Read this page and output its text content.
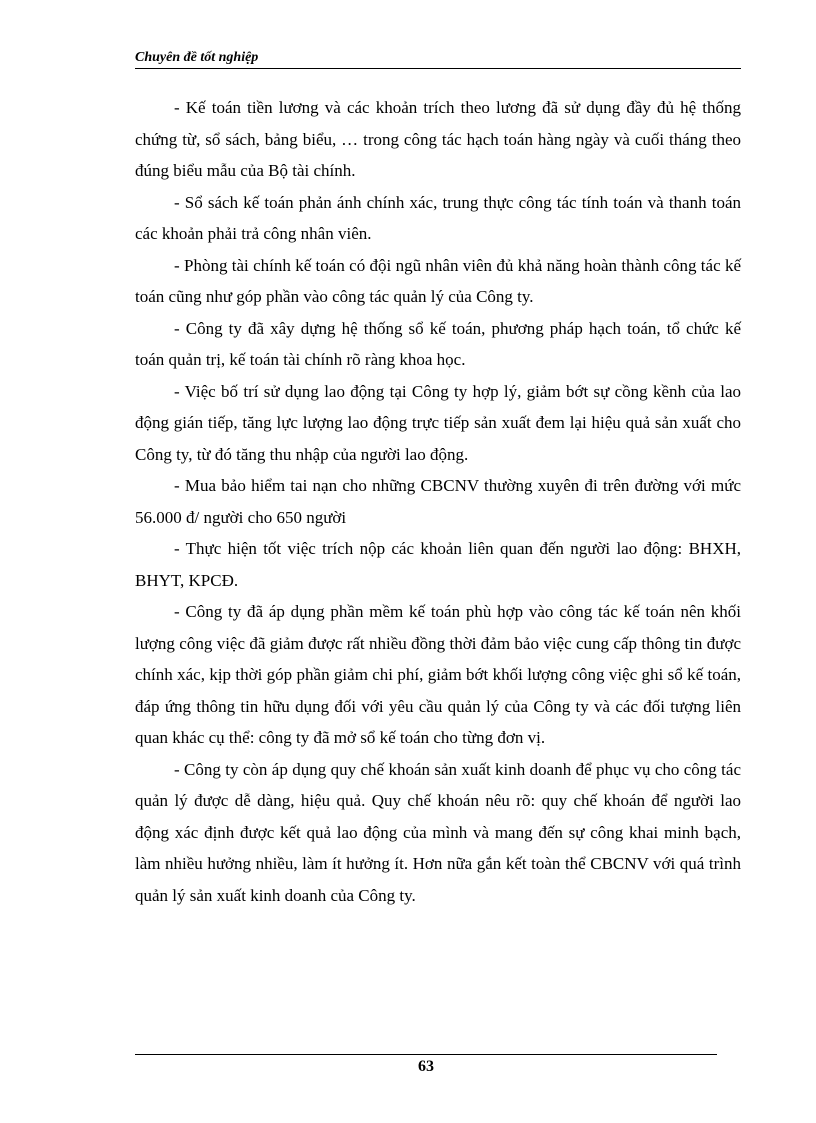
Chuyên đề tốt nghiệp

- Kế toán tiền lương và các khoản trích theo lương đã sử dụng đầy đủ hệ thống chứng từ, sổ sách, bảng biểu, … trong công tác hạch toán hàng ngày và cuối tháng theo đúng biểu mẫu của Bộ tài chính.

- Sổ sách kế toán phản ánh chính xác, trung thực công tác tính toán và thanh toán các khoản phải trả công nhân viên.

- Phòng tài chính kế toán có đội ngũ nhân viên đủ khả năng hoàn thành công tác kế toán cũng như góp phần vào công tác quản lý của Công ty.

- Công ty đã xây dựng hệ thống sổ kế toán, phương pháp hạch toán, tổ chức kế toán quản trị, kế toán tài chính rõ ràng khoa học.

- Việc bố trí sử dụng lao động tại Công ty hợp lý, giảm bớt sự cồng kềnh của lao động gián tiếp, tăng lực lượng lao động trực tiếp sản xuất đem lại hiệu quả sản xuất cho Công ty, từ đó tăng thu nhập của người lao động.

- Mua bảo hiểm tai nạn cho những CBCNV thường xuyên đi trên đường với mức 56.000 đ/ người cho 650 người

- Thực hiện tốt việc trích nộp các khoản liên quan đến người lao động: BHXH, BHYT, KPCĐ.

- Công ty đã áp dụng phần mềm kế toán phù hợp vào công tác kế toán nên khối lượng công việc đã giảm được rất nhiều đồng thời đảm bảo việc cung cấp thông tin được chính xác, kịp thời góp phần giảm chi phí, giảm bớt khối lượng công việc ghi sổ kế toán, đáp ứng thông tin hữu dụng đối với yêu cầu quản lý của Công ty và các đối tượng liên quan khác cụ thể: công ty đã mở sổ kế toán cho từng đơn vị.

- Công ty còn áp dụng quy chế khoán sản xuất kinh doanh để phục vụ cho công tác quản lý được dễ dàng, hiệu quả. Quy chế khoán nêu rõ: quy chế khoán để người lao động xác định được kết quả lao động của mình và mang đến sự công khai minh bạch, làm nhiều hưởng nhiều, làm ít hưởng ít. Hơn nữa gắn kết toàn thể CBCNV với quá trình quản lý sản xuất kinh doanh của Công ty.

63
